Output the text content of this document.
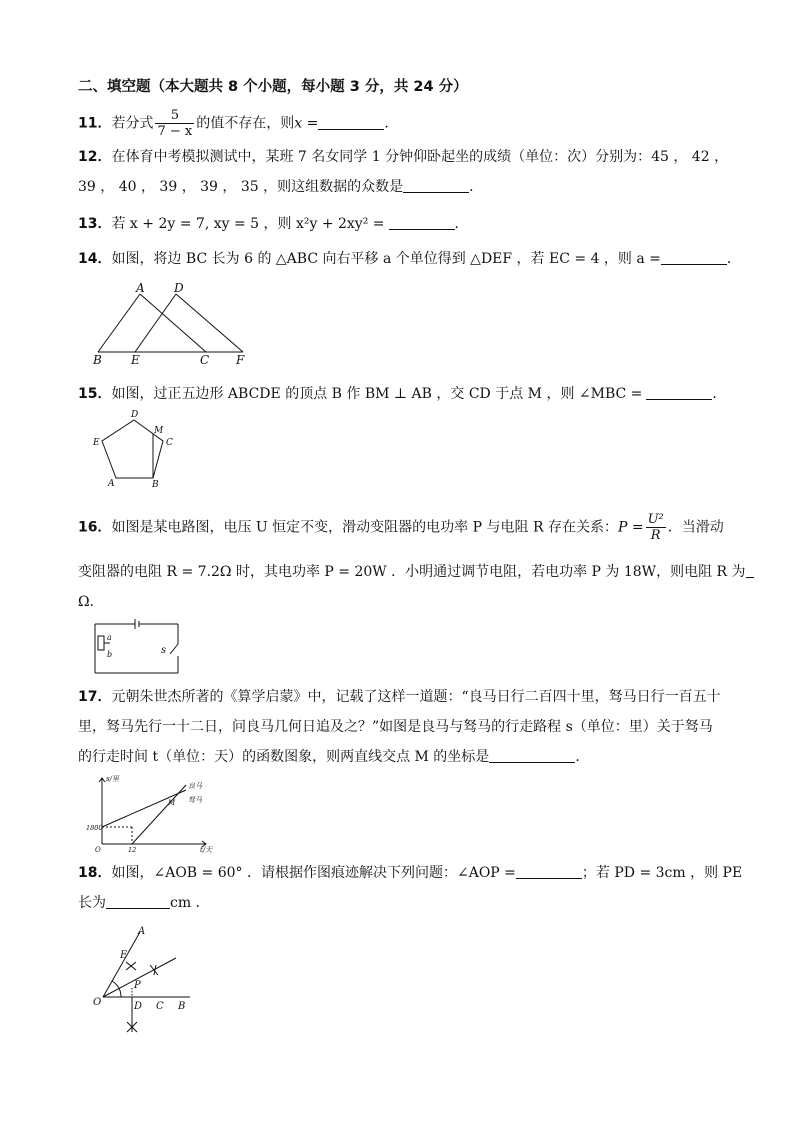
二、填空题（本大题共 8 个小题，每小题 3 分，共 24 分）
11．若分式 $\frac{5}{7 - x}$ 的值不存在，则x =	．
12．在体育中考模拟测试中，某班 7 名女同学 1 分钟仰卧起坐的成绩（单位：次）分别为：45 ， 42 ，
39 ， 40 ， 39 ， 39 ， 35 ，则这组数据的众数是	．
13．若 x + 2y = 7, xy = 5 ，则 x²y + 2xy² =	．
14．如图，将边 BC 长为 6 的 △ABC 向右平移 a 个单位得到 △DEF ，若 EC = 4 ，则 a =	．
A D
B E	C F
15．如图，过正五边形 ABCDE 的顶点 B 作 BM ⊥ AB ，交 CD 于点 M ，则 ∠MBC =	．
D
M
C
E
A	B
16．如图是某电路图，电压 U 恒定不变，滑动变阻器的电功率 P 与电阻 R 存在关系：$P = \frac{\text{U²}}{R}$ ．当滑动
变阻器的电阻 R = 7.2Ω 时，其电功率 P = 20W ．小明通过调节电阻，若电功率 P 为 18W，则电阻 R 为
Ω．
a
b	s
17．元朝朱世杰所著的《算学启蒙》中，记载了这样一道题：“良马日行二百四十里，驽马日行一百五十
里，驽马先行一十二日，问良马几何日追及之？”如图是良马与驽马的行走路程 s（单位：里）关于驽马
的行走时间 t（单位：天）的函数图象，则两直线交点 M 的坐标是	．
s/里
t/天
良马
驽马
M
1800
12
O
18．如图，∠AOB = 60° ．请根据作图痕迹解决下列问题：∠AOP =	；若 PD = 3cm ，则 PE
长为	cm ．
A
E
P
O	D C B
